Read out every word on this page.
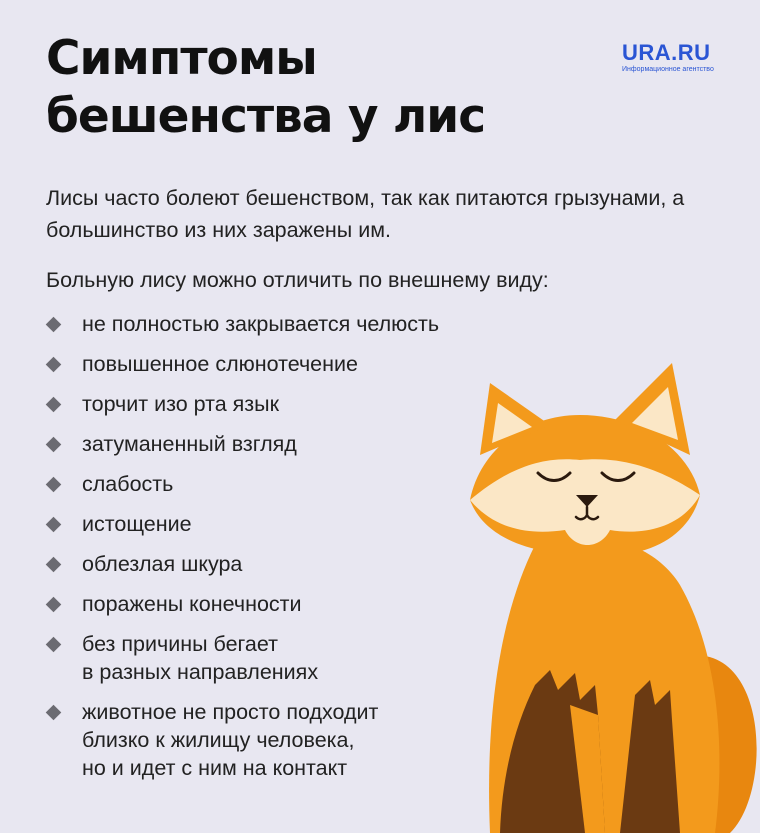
Симптомы
бешенства у лис
URA.RU
Информационное агентство

Лисы часто болеют бешенством, так как питаются грызунами, а большинство из них заражены им.

Больную лису можно отличить по внешнему виду:

не полностью закрывается челюсть
повышенное слюнотечение
торчит изо рта язык
затуманенный взгляд
слабость
истощение
облезлая шкура
поражены конечности
без причины бегает
в разных направлениях
животное не просто подходит
близко к жилищу человека,
но и идет с ним на контакт
